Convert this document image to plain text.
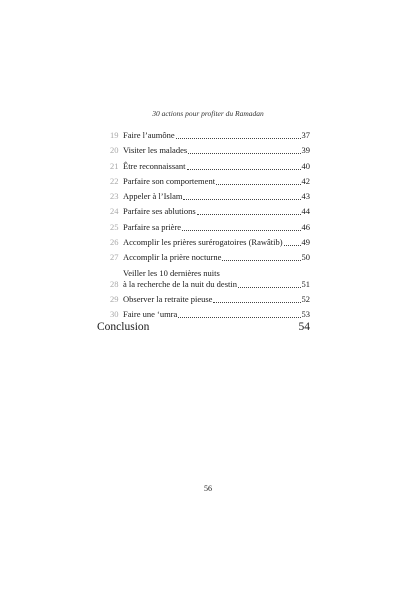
30 actions pour profiter du Ramadan
19 Faire l’aumône	37
20 Visiter les malades	39
21 Être reconnaissant	40
22 Parfaire son comportement	42
23 Appeler à l’Islam	43
24 Parfaire ses ablutions	44
25 Parfaire sa prière	46
26 Accomplir les prières surérogatoires (Rawâtib) 49
27 Accomplir la prière nocturne	50
28
Veiller les 10 dernières nuits
à la recherche de la nuit du destin	51
29 Observer la retraite pieuse	52
30 Faire une ‘umra	53
Conclusion	54
56
